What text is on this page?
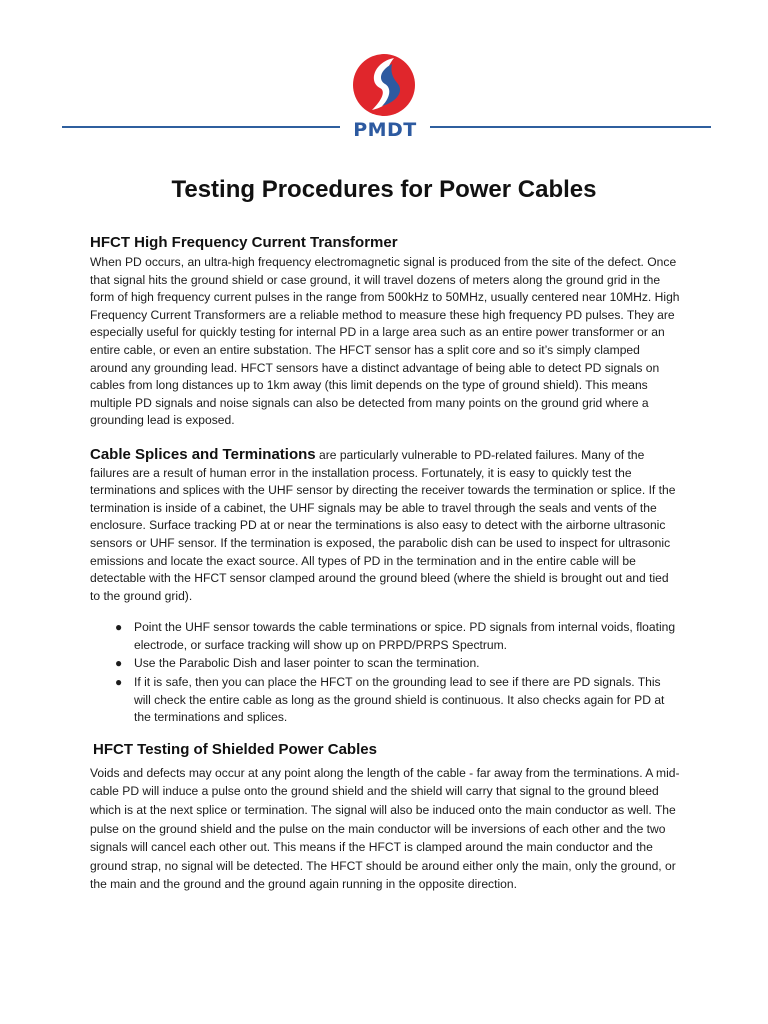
PMDT
Testing Procedures for Power Cables
HFCT High Frequency Current Transformer

When PD occurs, an ultra-high frequency electromagnetic signal is produced from the site of the defect. Once that signal hits the ground shield or case ground, it will travel dozens of meters along the ground grid in the form of high frequency current pulses in the range from 500kHz to 50MHz, usually centered near 10MHz. High Frequency Current Transformers are a reliable method to measure these high frequency PD pulses. They are especially useful for quickly testing for internal PD in a large area such as an entire power transformer or an entire cable, or even an entire substation. The HFCT sensor has a split core and so it’s simply clamped around any grounding lead. HFCT sensors have a distinct advantage of being able to detect PD signals on cables from long distances up to 1km away (this limit depends on the type of ground shield). This means multiple PD signals and noise signals can also be detected from many points on the ground grid where a grounding lead is exposed.

Cable Splices and Terminations are particularly vulnerable to PD-related failures. Many of the failures are a result of human error in the installation process. Fortunately, it is easy to quickly test the terminations and splices with the UHF sensor by directing the receiver towards the termination or splice. If the termination is inside of a cabinet, the UHF signals may be able to travel through the seals and vents of the enclosure. Surface tracking PD at or near the terminations is also easy to detect with the airborne ultrasonic sensors or UHF sensor. If the termination is exposed, the parabolic dish can be used to inspect for ultrasonic emissions and locate the exact source. All types of PD in the termination and in the entire cable will be detectable with the HFCT sensor clamped around the ground bleed (where the shield is brought out and tied to the ground grid).

● Point the UHF sensor towards the cable terminations or spice. PD signals from internal voids, floating electrode, or surface tracking will show up on PRPD/PRPS Spectrum.
● Use the Parabolic Dish and laser pointer to scan the termination.
● If it is safe, then you can place the HFCT on the grounding lead to see if there are PD signals. This will check the entire cable as long as the ground shield is continuous. It also checks again for PD at the terminations and splices.
HFCT Testing of Shielded Power Cables

Voids and defects may occur at any point along the length of the cable - far away from the terminations. A mid-cable PD will induce a pulse onto the ground shield and the shield will carry that signal to the ground bleed which is at the next splice or termination. The signal will also be induced onto the main conductor as well. The pulse on the ground shield and the pulse on the main conductor will be inversions of each other and the two signals will cancel each other out. This means if the HFCT is clamped around the main conductor and the ground strap, no signal will be detected. The HFCT should be around either only the main, only the ground, or the main and the ground and the ground again running in the opposite direction.
